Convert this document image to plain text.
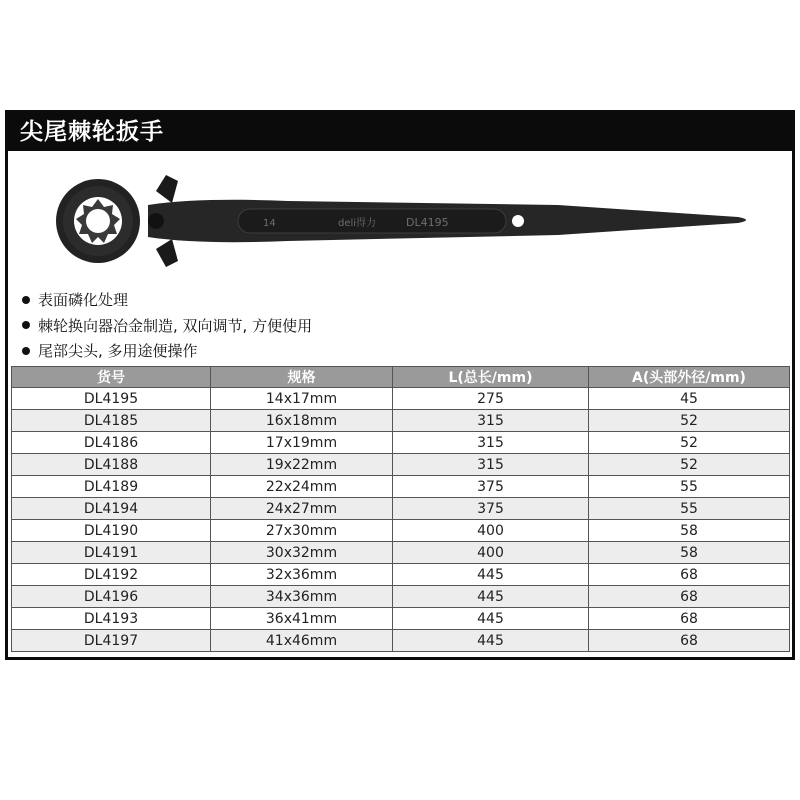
尖尾棘轮扳手
14	deli得力	DL4195
表面磷化处理
棘轮换向器冶金制造, 双向调节, 方便使用
尾部尖头, 多用途便操作
货号	规格	L(总长/mm)	A(头部外径/mm)
DL4195	14x17mm	275	45
DL4185	16x18mm	315	52
DL4186	17x19mm	315	52
DL4188	19x22mm	315	52
DL4189	22x24mm	375	55
DL4194	24x27mm	375	55
DL4190	27x30mm	400	58
DL4191	30x32mm	400	58
DL4192	32x36mm	445	68
DL4196	34x36mm	445	68
DL4193	36x41mm	445	68
DL4197	41x46mm	445	68
